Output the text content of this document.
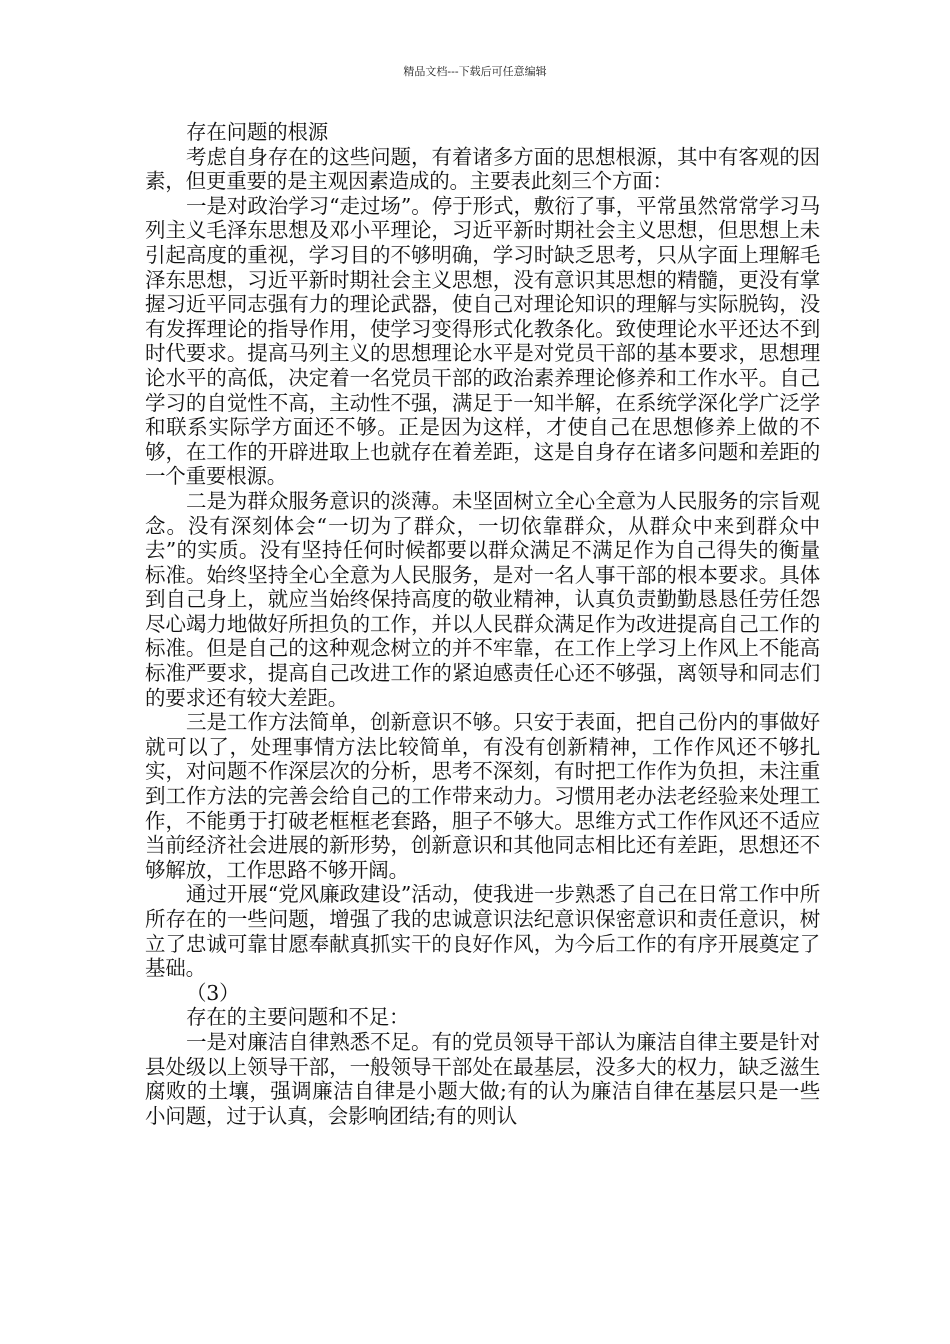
精品文档---下载后可任意编辑

存在问题的根源

考虑自身存在的这些问题，有着诸多方面的思想根源，其中有客观的因素，但更重要的是主观因素造成的。主要表此刻三个方面：

一是对政治学习“走过场”。停于形式，敷衍了事，平常虽然常常学习马列主义毛泽东思想及邓小平理论，习近平新时期社会主义思想，但思想上未引起高度的重视，学习目的不够明确，学习时缺乏思考，只从字面上理解毛泽东思想，习近平新时期社会主义思想，没有意识其思想的精髓，更没有掌握习近平同志强有力的理论武器，使自己对理论知识的理解与实际脱钩，没有发挥理论的指导作用，使学习变得形式化教条化。致使理论水平还达不到时代要求。提高马列主义的思想理论水平是对党员干部的基本要求，思想理论水平的高低，决定着一名党员干部的政治素养理论修养和工作水平。自己学习的自觉性不高，主动性不强，满足于一知半解，在系统学深化学广泛学和联系实际学方面还不够。正是因为这样，才使自己在思想修养上做的不够，在工作的开辟进取上也就存在着差距，这是自身存在诸多问题和差距的一个重要根源。

二是为群众服务意识的淡薄。未坚固树立全心全意为人民服务的宗旨观念。没有深刻体会“一切为了群众，一切依靠群众，从群众中来到群众中去”的实质。没有坚持任何时候都要以群众满足不满足作为自己得失的衡量标准。始终坚持全心全意为人民服务，是对一名人事干部的根本要求。具体到自己身上，就应当始终保持高度的敬业精神，认真负责勤勤恳恳任劳任怨尽心竭力地做好所担负的工作，并以人民群众满足作为改进提高自己工作的标准。但是自己的这种观念树立的并不牢靠，在工作上学习上作风上不能高标准严要求，提高自己改进工作的紧迫感责任心还不够强，离领导和同志们的要求还有较大差距。

三是工作方法简单，创新意识不够。只安于表面，把自己份内的事做好就可以了，处理事情方法比较简单，有没有创新精神，工作作风还不够扎实，对问题不作深层次的分析，思考不深刻，有时把工作作为负担，未注重到工作方法的完善会给自己的工作带来动力。习惯用老办法老经验来处理工作，不能勇于打破老框框老套路，胆子不够大。思维方式工作作风还不适应当前经济社会进展的新形势，创新意识和其他同志相比还有差距，思想还不够解放，工作思路不够开阔。

通过开展“党风廉政建设”活动，使我进一步熟悉了自己在日常工作中所所存在的一些问题，增强了我的忠诚意识法纪意识保密意识和责任意识，树立了忠诚可靠甘愿奉献真抓实干的良好作风，为今后工作的有序开展奠定了基础。

（3）

存在的主要问题和不足：

一是对廉洁自律熟悉不足。有的党员领导干部认为廉洁自律主要是针对县处级以上领导干部，一般领导干部处在最基层，没多大的权力，缺乏滋生腐败的土壤，强调廉洁自律是小题大做;有的认为廉洁自律在基层只是一些小问题，过于认真，会影响团结;有的则认
